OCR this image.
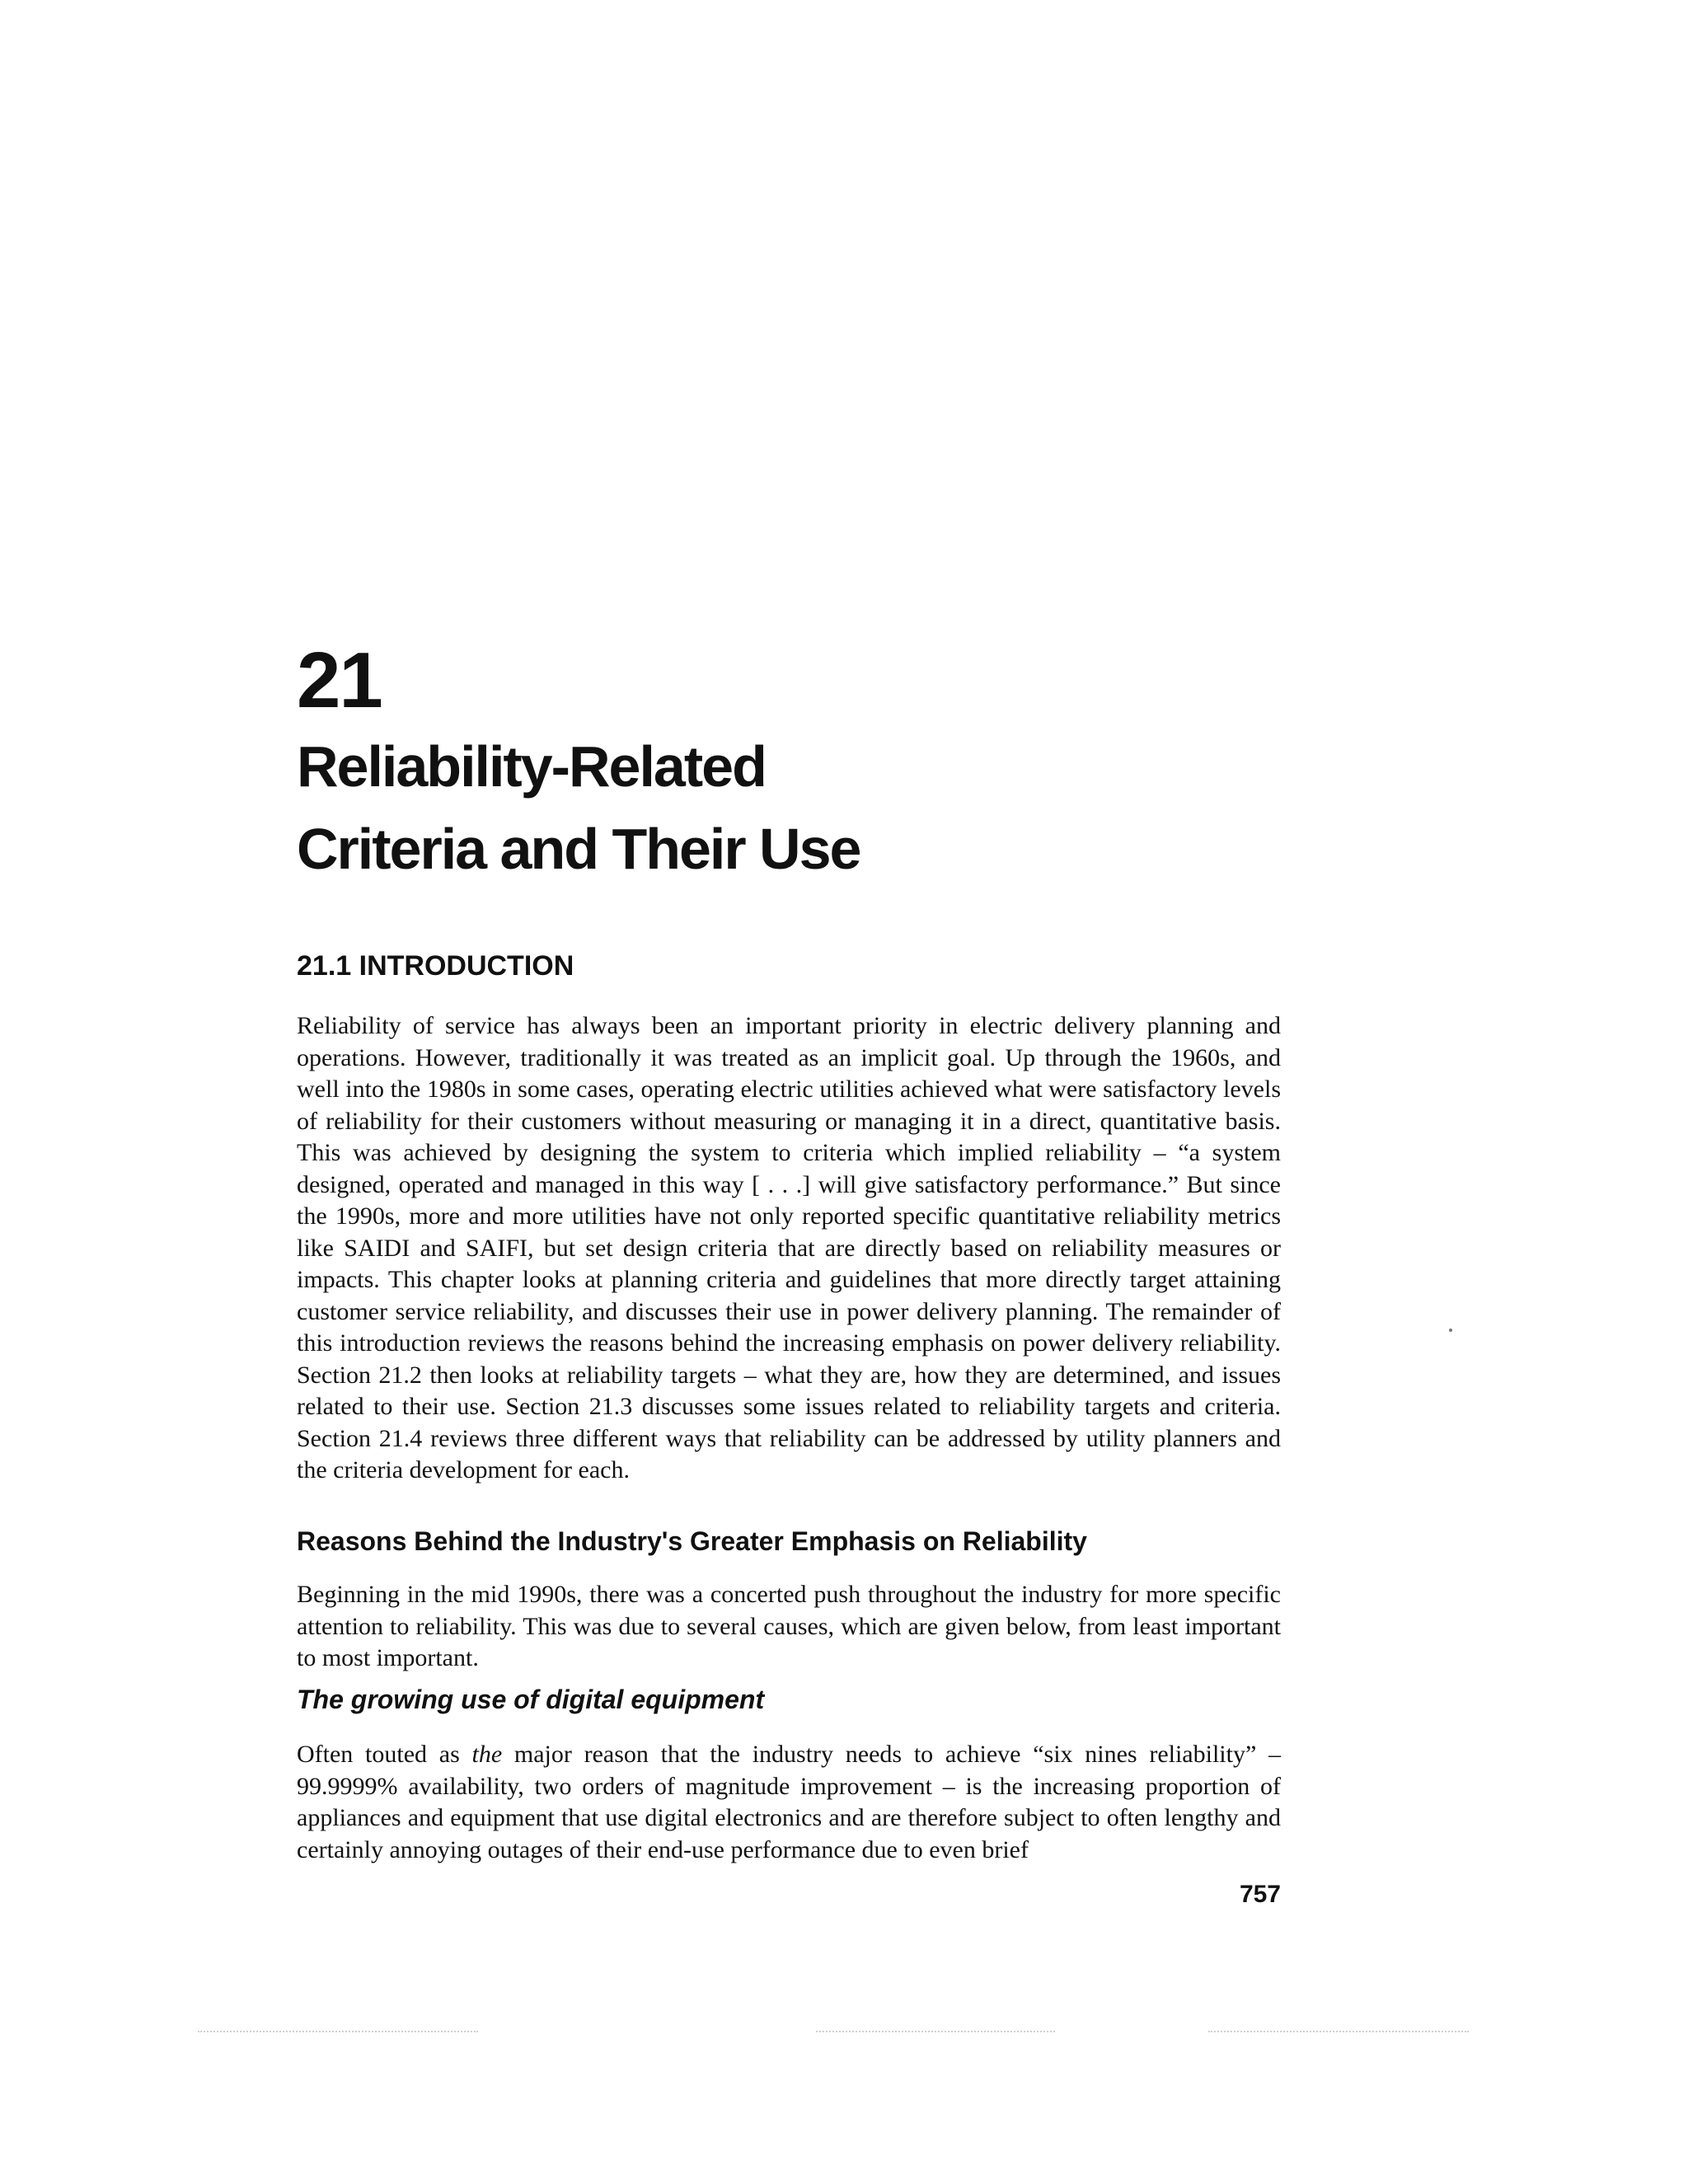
21
Reliability-Related
Criteria and Their Use
21.1 INTRODUCTION

Reliability of service has always been an important priority in electric delivery planning and operations. However, traditionally it was treated as an implicit goal. Up through the 1960s, and well into the 1980s in some cases, operating electric utilities achieved what were satisfactory levels of reliability for their customers without measuring or managing it in a direct, quantitative basis. This was achieved by designing the system to criteria which implied reliability – “a system designed, operated and managed in this way [ . . .] will give satisfactory performance.” But since the 1990s, more and more utilities have not only reported specific quantitative reliability metrics like SAIDI and SAIFI, but set design criteria that are directly based on reliability measures or impacts. This chapter looks at planning criteria and guidelines that more directly target attaining customer service reliability, and discusses their use in power delivery planning. The remainder of this introduction reviews the reasons behind the increasing emphasis on power delivery reliability. Section 21.2 then looks at reliability targets – what they are, how they are determined, and issues related to their use. Section 21.3 discusses some issues related to reliability targets and criteria. Section 21.4 reviews three different ways that reliability can be addressed by utility planners and the criteria development for each.

Reasons Behind the Industry's Greater Emphasis on Reliability

Beginning in the mid 1990s, there was a concerted push throughout the industry for more specific attention to reliability. This was due to several causes, which are given below, from least important to most important.

The growing use of digital equipment

Often touted as the major reason that the industry needs to achieve “six nines reliability” – 99.9999% availability, two orders of magnitude improvement – is the increasing proportion of appliances and equipment that use digital electronics and are therefore subject to often lengthy and certainly annoying outages of their end-use performance due to even brief

757
